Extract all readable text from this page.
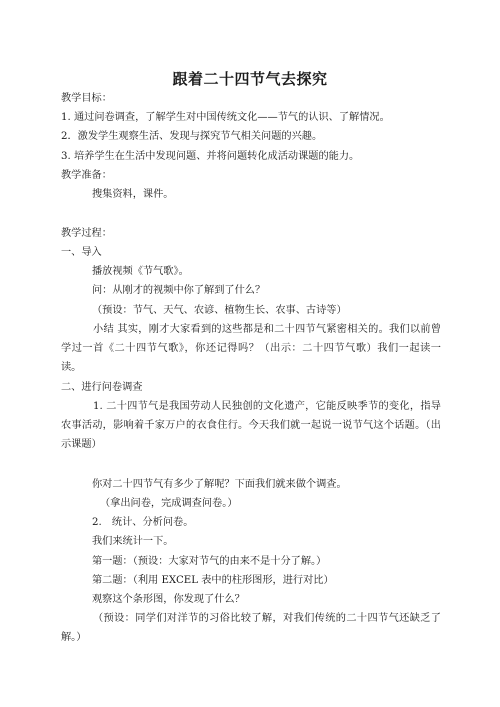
跟着二十四节气去探究
教学目标：
1. 通过问卷调查，了解学生对中国传统文化——节气的认识、了解情况。
2．激发学生观察生活、发现与探究节气相关问题的兴趣。
3. 培养学生在生活中发现问题、并将问题转化成活动课题的能力。
教学准备：
搜集资料，课件。
教学过程：
一、导入
播放视频《节气歌》。
问：从刚才的视频中你了解到了什么？
（预设：节气、天气、农谚、植物生长、农事、古诗等）
小结 其实，刚才大家看到的这些都是和二十四节气紧密相关的。我们以前曾学过一首《二十四节气歌》，你还记得吗？（出示：二十四节气歌）我们一起读一读。
二、进行问卷调查
1. 二十四节气是我国劳动人民独创的文化遗产，它能反映季节的变化，指导农事活动，影响着千家万户的衣食住行。今天我们就一起说一说节气这个话题。（出示课题）
你对二十四节气有多少了解呢？下面我们就来做个调查。
（拿出问卷，完成调查问卷。）
2.　统计、分析问卷。
我们来统计一下。
第一题：（预设：大家对节气的由来不是十分了解。）
第二题：（利用 EXCEL 表中的柱形图形，进行对比）
观察这个条形图，你发现了什么？
（预设：同学们对洋节的习俗比较了解，对我们传统的二十四节气还缺乏了解。）
